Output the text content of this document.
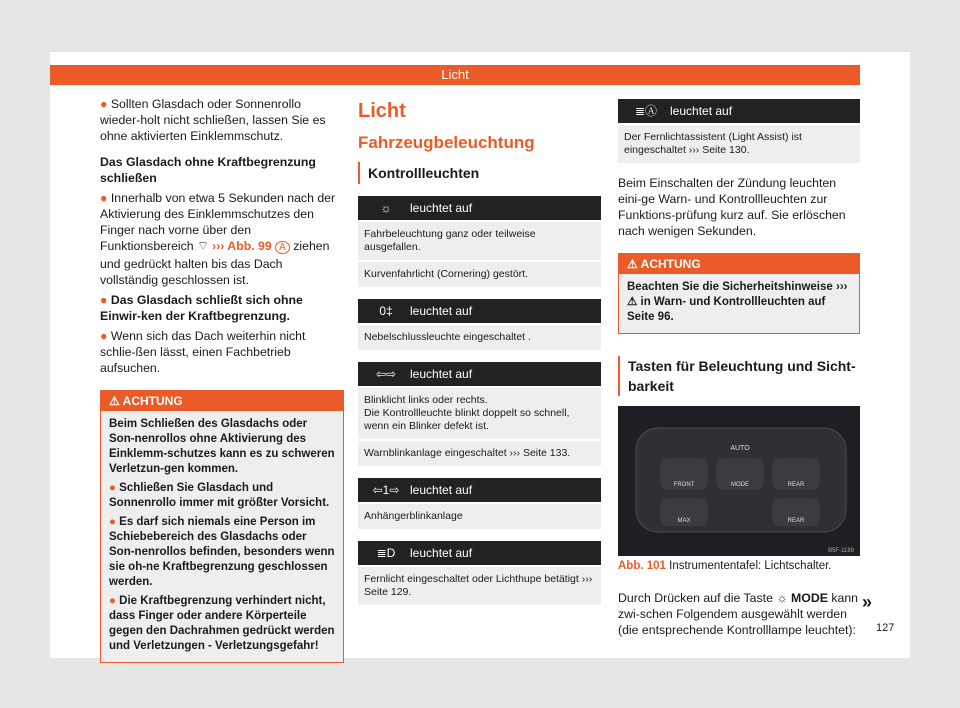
Licht

● Sollten Glasdach oder Sonnenrollo wieder-holt nicht schließen, lassen Sie es ohne aktivierten Einklemmschutz.

Das Glasdach ohne Kraftbegrenzung schließen

● Innerhalb von etwa 5 Sekunden nach der Aktivierung des Einklemmschutzes den Finger nach vorne über den Funktionsbereich ⌔ ››› Abb. 99 A ziehen und gedrückt halten bis das Dach vollständig geschlossen ist.

● Das Glasdach schließt sich ohne Einwir-ken der Kraftbegrenzung.

● Wenn sich das Dach weiterhin nicht schlie-ßen lässt, einen Fachbetrieb aufsuchen.

⚠ ACHTUNG

Beim Schließen des Glasdachs oder Son-nenrollos ohne Aktivierung des Einklemm-schutzes kann es zu schweren Verletzun-gen kommen.

● Schließen Sie Glasdach und Sonnenrollo immer mit größter Vorsicht.

● Es darf sich niemals eine Person im Schiebebereich des Glasdachs oder Son-nenrollos befinden, besonders wenn sie oh-ne Kraftbegrenzung geschlossen werden.

● Die Kraftbegrenzung verhindert nicht, dass Finger oder andere Körperteile gegen den Dachrahmen gedrückt werden und Verletzungen - Verletzungsgefahr!

Licht

Fahrzeugbeleuchtung

Kontrollleuchten

☼	leuchtet auf
Fahrbeleuchtung ganz oder teilweise ausgefallen.
Kurvenfahrlicht (Cornering) gestört.
0‡	leuchtet auf
Nebelschlussleuchte eingeschaltet .
⇦⇨	leuchtet auf
Blinklicht links oder rechts.
Die Kontrollleuchte blinkt doppelt so schnell, wenn ein Blinker defekt ist.
Warnblinkanlage eingeschaltet ››› Seite 133.
⇦1⇨ leuchtet auf
Anhängerblinkanlage
≣D	leuchtet auf
Fernlicht eingeschaltet oder Lichthupe betätigt ››› Seite 129.
≣Ⓐ	leuchtet auf
Der Fernlichtassistent (Light Assist) ist eingeschaltet ››› Seite 130.

Beim Einschalten der Zündung leuchten eini-ge Warn- und Kontrollleuchten zur Funktions-prüfung kurz auf. Sie erlöschen nach wenigen Sekunden.

⚠ ACHTUNG
Beachten Sie die Sicherheitshinweise ››› ⚠ in Warn- und Kontrollleuchten auf Seite 96.

Tasten für Beleuchtung und Sicht-barkeit

FRONT	MODE	REAR
MAX	REAR
AUTO
B5F-1189

Abb. 101 Instrumententafel: Lichtschalter.

Durch Drücken auf die Taste ☼ MODE kann zwi-schen Folgendem ausgewählt werden (die entsprechende Kontrolllampe leuchtet):

»
127
